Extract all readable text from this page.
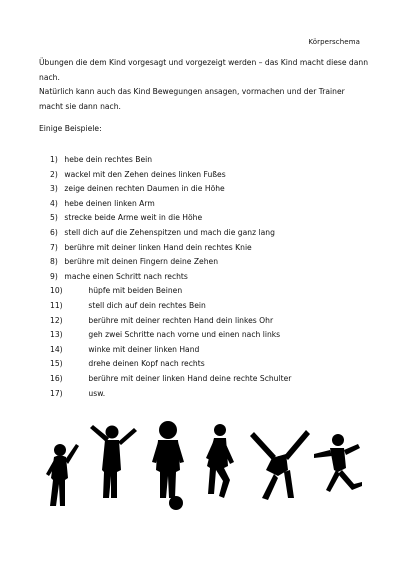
Körperschema

Übungen die dem Kind vorgesagt und vorgezeigt werden – das Kind macht diese dann nach.

Natürlich kann auch das Kind Bewegungen ansagen, vormachen und der Trainer macht sie dann nach.

Einige Beispiele:
1)
hebe dein rechtes Bein
2)
wackel mit den Zehen deines linken Fußes
3)
zeige deinen rechten Daumen in die Höhe
4)
hebe deinen linken Arm
5)
strecke beide Arme weit in die Höhe
6)
stell dich auf die Zehenspitzen und mach die ganz lang
7)
berühre mit deiner linken Hand dein rechtes Knie
8)
berühre mit deinen Fingern deine Zehen
9)
mache einen Schritt nach rechts
10)
	hüpfe mit beiden Beinen
11)
	stell dich auf dein rechtes Bein
12)
	berühre mit deiner rechten Hand dein linkes Ohr
13)
	geh zwei Schritte nach vorne und einen nach links
14)
	winke mit deiner linken Hand
15)
	drehe deinen Kopf nach rechts
16)
	berühre mit deiner linken Hand deine rechte Schulter
17)
	usw.
